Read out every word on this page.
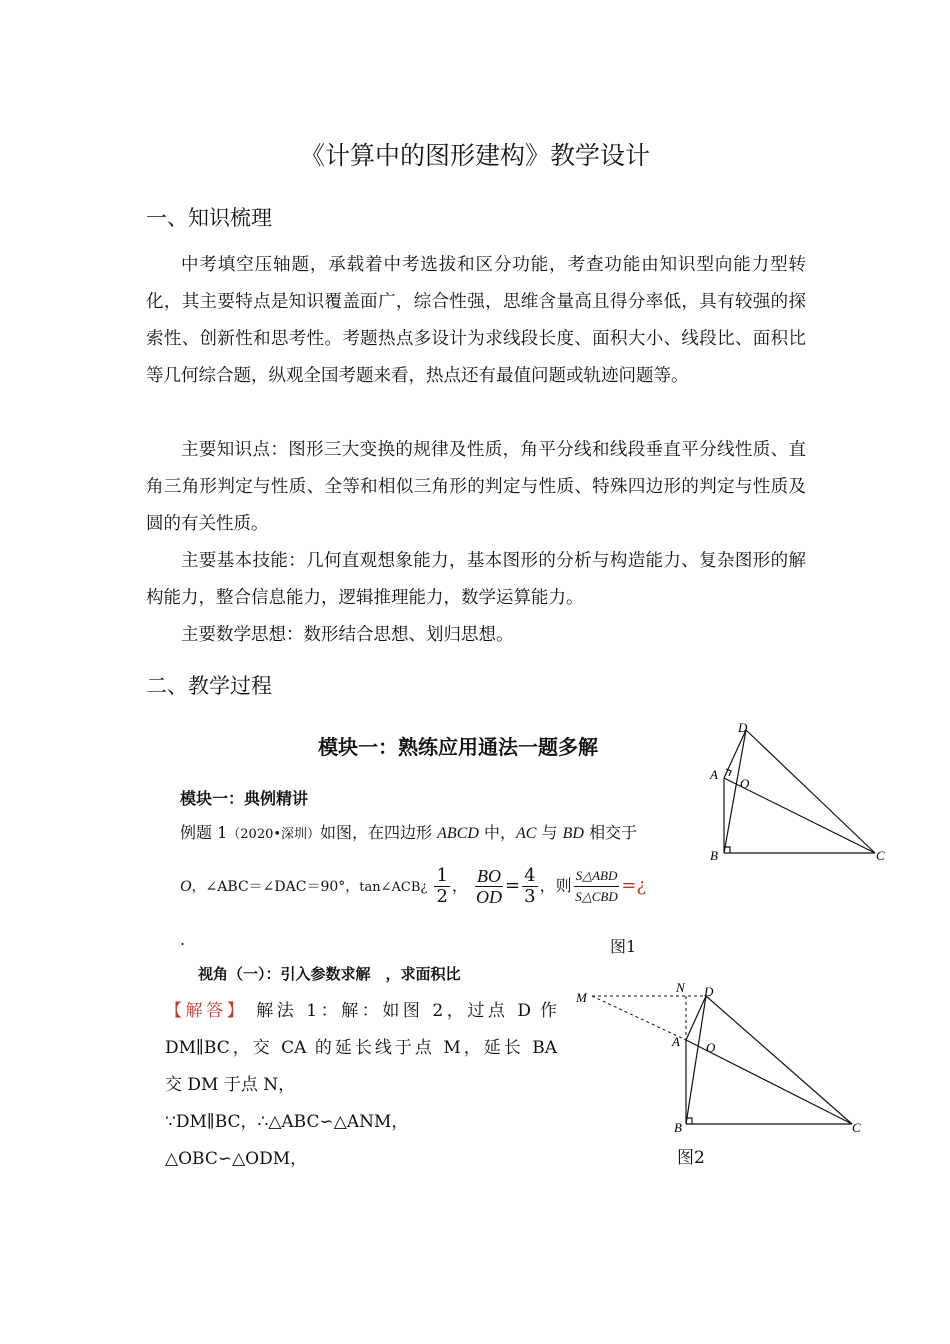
《计算中的图形建构》教学设计
一、知识梳理
中考填空压轴题，承载着中考选拔和区分功能，考查功能由知识型向能力型转化，其主要特点是知识覆盖面广，综合性强，思维含量高且得分率低，具有较强的探索性、创新性和思考性。考题热点多设计为求线段长度、面积大小、线段比、面积比等几何综合题，纵观全国考题来看，热点还有最值问题或轨迹问题等。
主要知识点：图形三大变换的规律及性质，角平分线和线段垂直平分线性质、直角三角形判定与性质、全等和相似三角形的判定与性质、特殊四边形的判定与性质及圆的有关性质。
主要基本技能：几何直观想象能力，基本图形的分析与构造能力、复杂图形的解构能力，整合信息能力，逻辑推理能力，数学运算能力。
主要数学思想：数形结合思想、划归思想。
二、教学过程
模块一：熟练应用通法一题多解
模块一：典例精讲
例题 1（2020•深圳）如图，在四边形 ABCD 中，AC 与 BD 相交于
O，∠ABC＝∠DAC＝90°，tan∠ACB¿ $\frac{1}{2}$ ， $\frac{BO}{OD} = \frac{4}{3}$ ，则 $\frac{\text{S△ABD}}{\text{S△CBD}}$ =¿
.	图1
视角（一）：引入参数求解　，求面积比
【解答】 解法 1：解：如图 2，过点 D 作
DM∥BC，交 CA 的延长线于点 M，延长 BA
交 DM 于点 N，
∵DM∥BC，∴△ABC∽△ANM，
△OBC∽△ODM，	图2
D
A
O
B	C
M
N D
A O
B	C
